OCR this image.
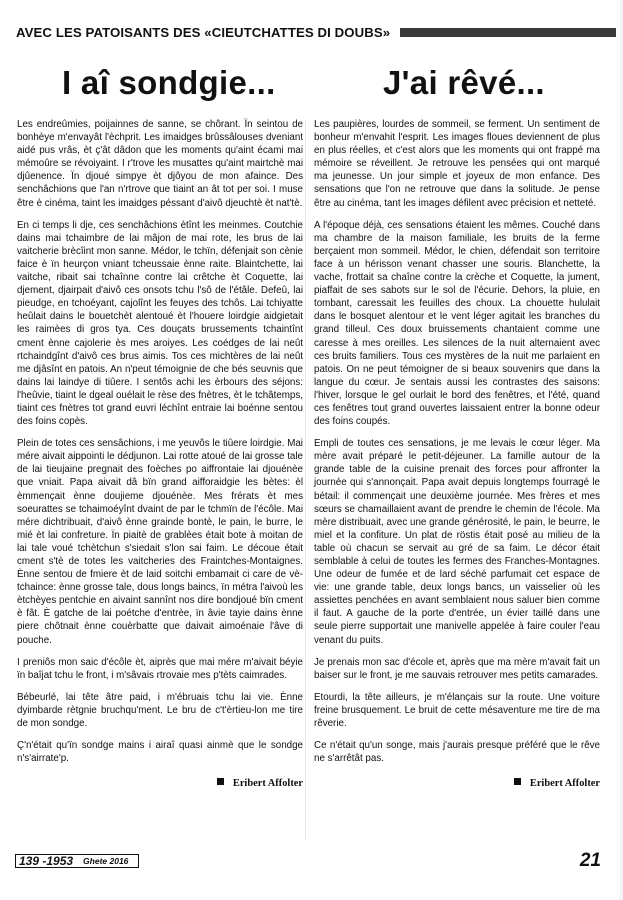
AVEC LES PATOISANTS DES «CIEUTCHATTES DI DOUBS»
I aî sondgie...	J'ai rêvé...

Les endreûmies, poijainnes de sanne, se chôrant. Ïn seintou de bonhèye m'envayât l'èchprit. Les imaidges brûssâlouses dveniant aidé pus vrâs, èt ç'ât dâdon que les moments qu'aint écami mai mémoûre se révoiyaint. I r'trove les musattes qu'aint mairtchè mai djûenence. Ïn djoué simpye èt djôyou de mon afaince. Des senchâchions que l'an n'rtrove que tiaint an ât tot per soi. I muse être è cinéma, taint les imaidges péssant d'aivô djeuchtè èt nat'tè.

En ci temps li dje, ces senchâchions ètînt les meinmes. Coutchie dains mai tchaimbre de lai mâjon de mai rote, les brus de lai vaitcherie brècîint mon sanne. Médor, le tchïn, défenjait son cènie faice è ïn heurçon vniant tcheussaie ènne raite. Blaintchette, lai vaitche, ribait sai tchaînne contre lai crêtche èt Coquette, lai djement, djairpait d'aivô ces onsots tchu l'sô de l'étâle. Defeû, lai pieudge, en tchoéyant, cajolînt les feuyes des tchôs. Lai tchiyatte heûlait dains le bouetchèt alentoué èt l'houere loirdgie aidgietait les raimèes di gros tya. Ces douçats brussements tchaintînt cment ènne cajolerie ès mes aroiyes. Les coédges de lai neût rtchaindgînt d'aivô ces brus aimis. Tos ces michtères de lai neût me djâsînt en patois. An n'peut témoignie de che bés seuvnis que dains lai laindye di tiûere. I sentôs achi les èrbours des séjons: l'heûvie, tiaint le dgeal ouélait le rèse des fnètres, èt le tchâtemps, tiaint ces fnètres tot grand euvri léchînt entraie lai boénne sentou des foins copès.

Plein de totes ces sensâchions, i me yeuvôs le tiûere loirdgie. Mai mére aivait aippointi le dédjunon. Lai rotte atoué de lai grosse tale de lai tieujaine pregnait des foèches po aiffrontaie lai djouénèe que vniait. Papa aivait dâ bïn grand aifforaidgie les bètes: èl èmmençait ènne doujieme djouénèe. Mes frérats èt mes soeurattes se tchaimoéyînt dvaint de par le tchmïn de l'écôle. Mai mére dichtribuait, d'aivô ènne grainde bontè, le pain, le burre, le mié èt lai confreture. Ïn piaitè de grablèes était bote à moitan de lai tale voué tchètchun s'siedait s'lon sai faim. Le découe était cment s'tè de totes les vaitcheries des Fraintches-Montaignes. Ènne sentou de fmiere èt de laid soitchi embamait ci care de vè-tchaince: ènne grosse tale, dous longs baincs, ïn métra l'aivoù les ètchèyes pentchie en aivaint sannînt nos dire bondjoué bïn cment è fât. È gatche de lai poétche d'entrèe, ïn âvie tayie dains ènne piere chôtnait ènne couèrbatte que daivait aimoénaie l'âve di pouche.

I preniôs mon saic d'écôle èt, aiprès que mai mére m'aivait béyie ïn baîjat tchu le front, i m'sâvais rtrovaie mes p'tèts caimrades.

Bébeurlé, lai tête âtre paid, i m'ébruais tchu lai vie. Ènne dyimbarde rètgnie bruchqu'ment. Le bru de c't'èrtieu-lon me tire de mon sondge.

Ç'n'était qu'ïn sondge mains i airaî quasi ainmè que le sondge n's'airrate'p.

Eribert Affolter

Les paupières, lourdes de sommeil, se ferment. Un sentiment de bonheur m'envahit l'esprit. Les images floues deviennent de plus en plus réelles, et c'est alors que les moments qui ont frappé ma mémoire se réveillent. Je retrouve les pensées qui ont marqué ma jeunesse. Un jour simple et joyeux de mon enfance. Des sensations que l'on ne retrouve que dans la solitude. Je pense être au cinéma, tant les images défilent avec précision et netteté.

A l'époque déjà, ces sensations étaient les mêmes. Couché dans ma chambre de la maison familiale, les bruits de la ferme berçaient mon sommeil. Médor, le chien, défendait son territoire face à un hérisson venant chasser une souris. Blanchette, la vache, frottait sa chaîne contre la crèche et Coquette, la jument, piaffait de ses sabots sur le sol de l'écurie. Dehors, la pluie, en tombant, caressait les feuilles des choux. La chouette hululait dans le bosquet alentour et le vent léger agitait les branches du grand tilleul. Ces doux bruissements chantaient comme une caresse à mes oreilles. Les silences de la nuit alternaient avec ces bruits familiers. Tous ces mystères de la nuit me parlaient en patois. On ne peut témoigner de si beaux souvenirs que dans la langue du cœur. Je sentais aussi les contrastes des saisons: l'hiver, lorsque le gel ourlait le bord des fenêtres, et l'été, quand ces fenêtres tout grand ouvertes laissaient entrer la bonne odeur des foins coupés.

Empli de toutes ces sensations, je me levais le cœur léger. Ma mère avait préparé le petit-déjeuner. La famille autour de la grande table de la cuisine prenait des forces pour affronter la journée qui s'annonçait. Papa avait depuis longtemps fourragé le bétail: il commençait une deuxième journée. Mes frères et mes sœurs se chamaillaient avant de prendre le chemin de l'école. Ma mère distribuait, avec une grande générosité, le pain, le beurre, le miel et la confiture. Un plat de röstis était posé au milieu de la table où chacun se servait au gré de sa faim. Le décor était semblable à celui de toutes les fermes des Franches-Montagnes. Une odeur de fumée et de lard séché parfumait cet espace de vie: une grande table, deux longs bancs, un vaisselier où les assiettes penchées en avant semblaient nous saluer bien comme il faut. A gauche de la porte d'entrée, un évier taillé dans une seule pierre supportait une manivelle appelée à faire couler l'eau venant du puits.

Je prenais mon sac d'école et, après que ma mère m'avait fait un baiser sur le front, je me sauvais retrouver mes petits camarades.

Etourdi, la tête ailleurs, je m'élançais sur la route. Une voiture freine brusquement. Le bruit de cette mésaventure me tire de ma rêverie.

Ce n'était qu'un songe, mais j'aurais presque préféré que le rêve ne s'arrêtât pas.

Eribert Affolter
139 -1953 Ghete 2016	21
